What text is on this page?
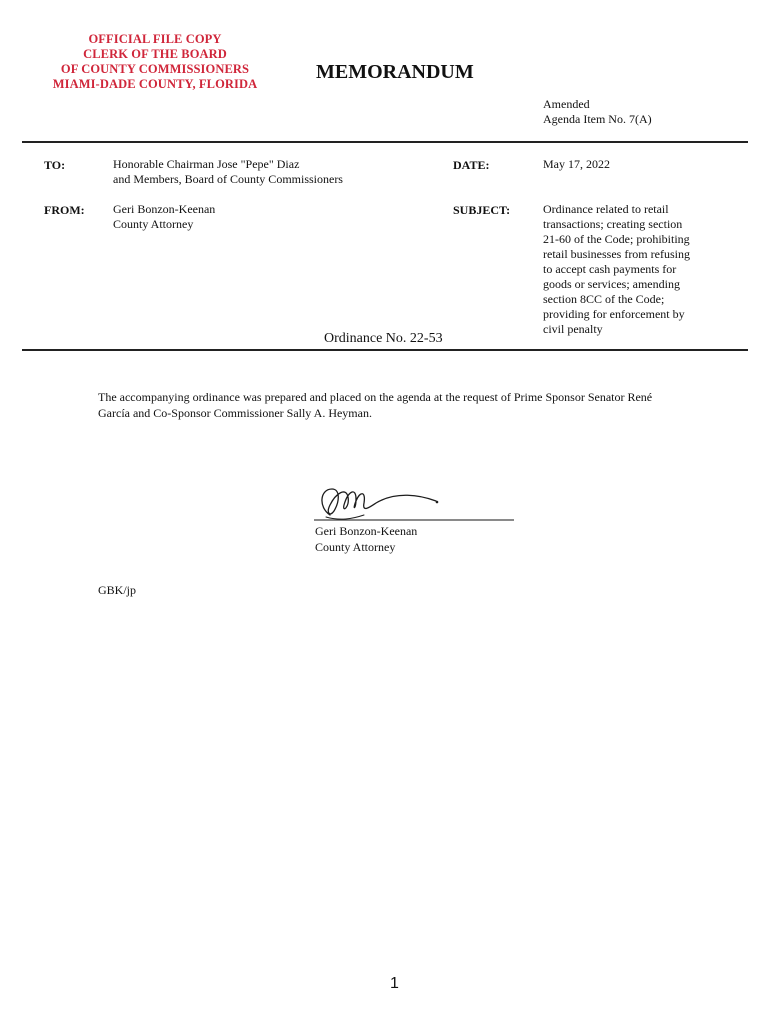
OFFICIAL FILE COPY
CLERK OF THE BOARD
OF COUNTY COMMISSIONERS
MIAMI-DADE COUNTY, FLORIDA
MEMORANDUM
Amended
Agenda Item No. 7(A)
TO:	Honorable Chairman Jose "Pepe" Diaz
and Members, Board of County Commissioners
DATE:	May 17, 2022
FROM: Geri Bonzon-Keenan
County Attorney
SUBJECT:	Ordinance related to retail
transactions; creating section
21-60 of the Code; prohibiting
retail businesses from refusing
to accept cash payments for
goods or services; amending
section 8CC of the Code;
providing for enforcement by
civil penalty
Ordinance No. 22-53
The accompanying ordinance was prepared and placed on the agenda at the request of Prime Sponsor Senator René
García and Co-Sponsor Commissioner Sally A. Heyman.
Geri Bonzon-Keenan
County Attorney
GBK/jp
1
